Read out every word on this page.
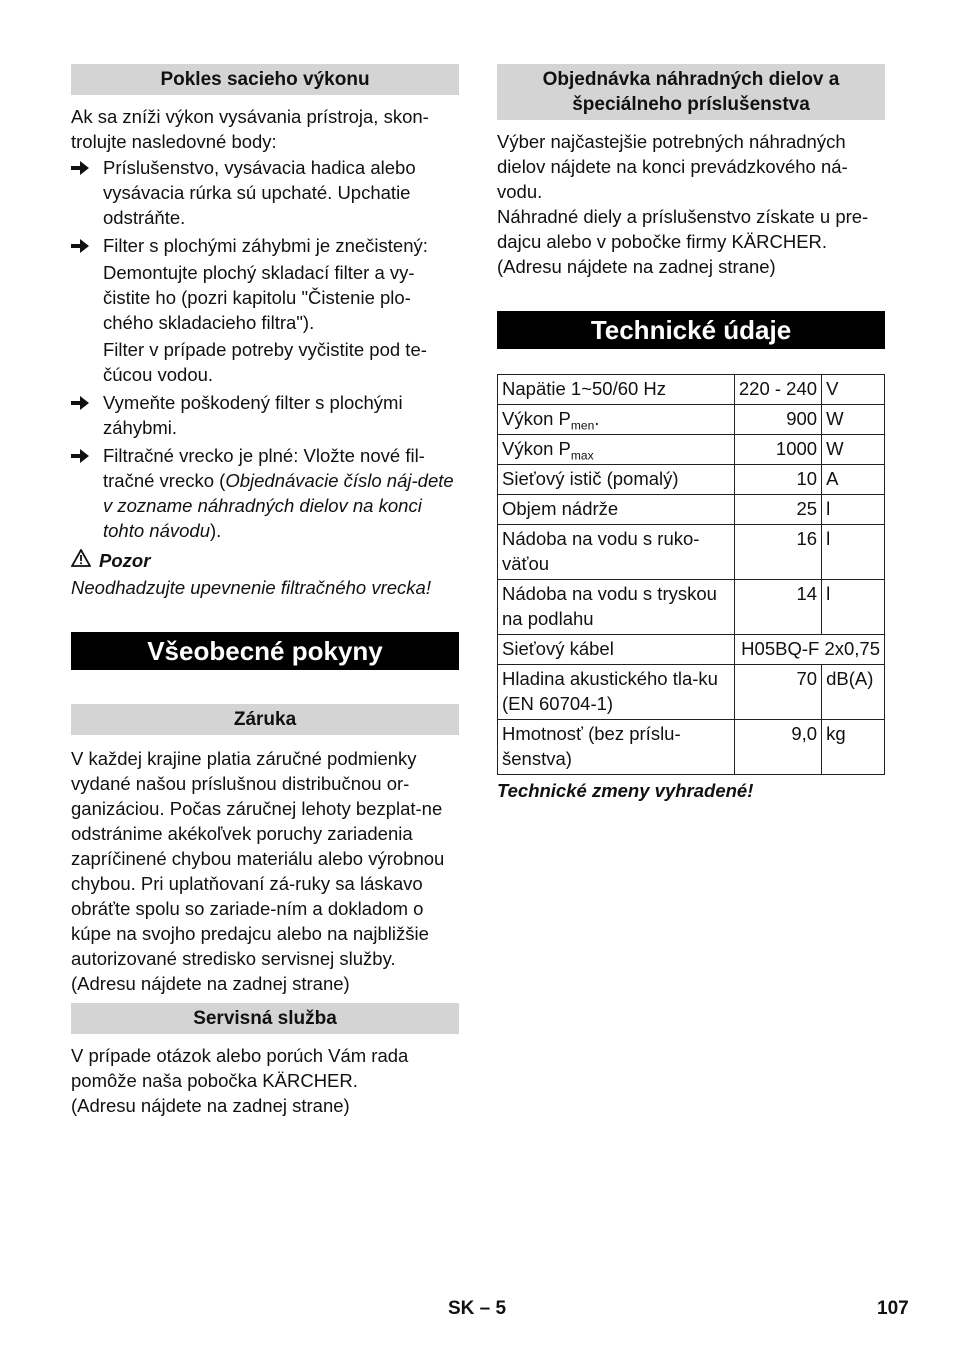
Pokles sacieho výkonu

Ak sa zníži výkon vysávania prístroja, skon-trolujte nasledovné body:

Príslušenstvo, vysávacia hadica alebo vysávacia rúrka sú upchaté. Upchatie odstráňte.
Filter s plochými záhybmi je znečistený:

Demontujte plochý skladací filter a vy-čistite ho (pozri kapitolu "Čistenie plo-chého skladacieho filtra").

Filter v prípade potreby vyčistite pod te-čúcou vodou.

Vymeňte poškodený filter s plochými záhybmi.
Filtračné vrecko je plné: Vložte nové fil-tračné vrecko (Objednávacie číslo náj-dete v zozname náhradných dielov na konci tohto návodu).
Pozor

Neodhadzujte upevnenie filtračného vrecka!

Všeobecné pokyny
Záruka

V každej krajine platia záručné podmienky vydané našou príslušnou distribučnou or-ganizáciou. Počas záručnej lehoty bezplat-ne odstránime akékoľvek poruchy zariadenia zapríčinené chybou materiálu alebo výrobnou chybou. Pri uplatňovaní zá-ruky sa láskavo obráťte spolu so zariade-ním a dokladom o kúpe na svojho predajcu alebo na najbližšie autorizované stredisko servisnej služby.

(Adresu nájdete na zadnej strane)

Servisná služba

V prípade otázok alebo porúch Vám rada pomôže naša pobočka KÄRCHER.

(Adresu nájdete na zadnej strane)

Objednávka náhradných dielov a špeciálneho príslušenstva

Výber najčastejšie potrebných náhradných dielov nájdete na konci prevádzkového ná-vodu.

Náhradné diely a príslušenstvo získate u pre-dajcu alebo v pobočke firmy KÄRCHER.

(Adresu nájdete na zadnej strane)

Technické údaje
Napätie 1~50/60 Hz	220 - 240	V
Výkon $P_{men}$.	900	W
Výkon $P_{max}$	1000	W
Sieťový istič (pomalý)	10	A
Objem nádrže	25	l
Nádoba na vodu s ruko-väťou	16	l
Nádoba na vodu s tryskou na podlahu	14	l
Sieťový kábel	H05BQ-F 2x0,75	
Hladina akustického tla-ku (EN 60704-1)	70	dB(A)
Hmotnosť (bez príslu-šenstva)	9,0	kg

Technické zmeny vyhradené!

SK – 5	107
